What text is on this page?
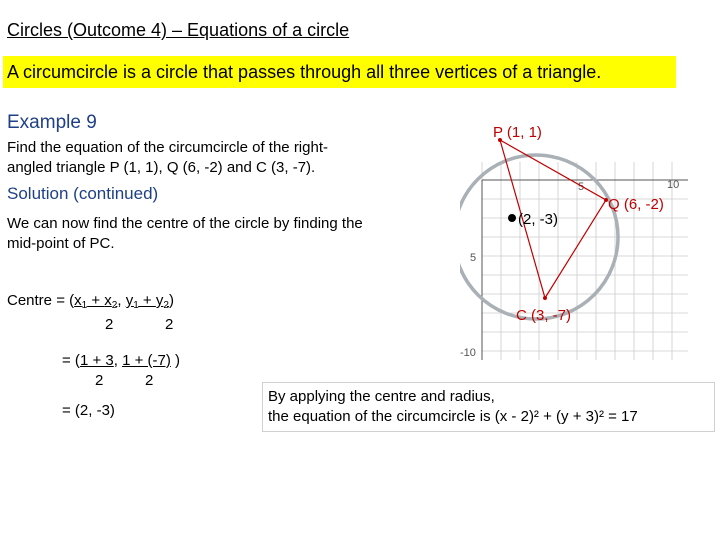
Circles (Outcome 4) – Equations of a circle
A circumcircle is a circle that passes through all three vertices of a triangle.
Example 9
Find the equation of the circumcircle of the right-
angled triangle P (1, 1), Q (6, -2) and C (3, -7).
Solution (continued)
We can now find the centre of the circle by finding the
mid-point of PC.
Centre = ($x_1 + x_2$, $y_1 + y_2$)
2	2
= (1 + 3, 1 + (-7) )
2	2
= (2, -3)
5	10
5
-10
P (1, 1)
Q (6, -2)
C (3, -7)
(2, -3)
By applying the centre and radius,
the equation of the circumcircle is (x - 2)² + (y + 3)² = 17
